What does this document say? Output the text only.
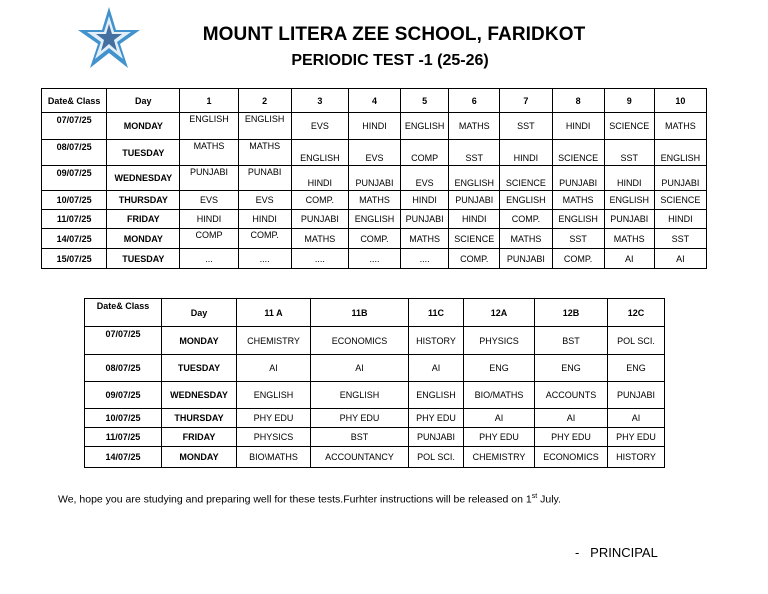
MOUNT LITERA ZEE SCHOOL, FARIDKOT
PERIODIC TEST -1 (25-26)
Date& Class	Day	1	2	3	4	5	6	7	8	9	10
07/07/25	MONDAY	ENGLISH	ENGLISH	EVS	HINDI	ENGLISH	MATHS	SST	HINDI	SCIENCE	MATHS
08/07/25	TUESDAY	MATHS	MATHS	ENGLISH	EVS	COMP	SST	HINDI	SCIENCE	SST	ENGLISH
09/07/25	WEDNESDAY	PUNJABI	PUNABI	HINDI	PUNJABI	EVS	ENGLISH	SCIENCE	PUNJABI	HINDI	PUNJABI
10/07/25	THURSDAY	EVS	EVS	COMP.	MATHS	HINDI	PUNJABI	ENGLISH	MATHS	ENGLISH	SCIENCE
11/07/25	FRIDAY	HINDI	HINDI	PUNJABI	ENGLISH	PUNJABI	HINDI	COMP.	ENGLISH	PUNJABI	HINDI
14/07/25	MONDAY	COMP	COMP.	MATHS	COMP.	MATHS	SCIENCE	MATHS	SST	MATHS	SST
15/07/25	TUESDAY	...	....	....	....	....	COMP.	PUNJABI	COMP.	AI	AI
Date& Class	Day	11 A	11B	11C	12A	12B	12C
07/07/25	MONDAY	CHEMISTRY	ECONOMICS	HISTORY	PHYSICS	BST	POL SCI.
08/07/25	TUESDAY	AI	AI	AI	ENG	ENG	ENG
09/07/25	WEDNESDAY	ENGLISH	ENGLISH	ENGLISH	BIO/MATHS	ACCOUNTS	PUNJABI
10/07/25	THURSDAY	PHY EDU	PHY EDU	PHY EDU	AI	AI	AI
11/07/25	FRIDAY	PHYSICS	BST	PUNJABI	PHY EDU	PHY EDU	PHY EDU
14/07/25	MONDAY	BIO\MATHS	ACCOUNTANCY	POL SCI.	CHEMISTRY	ECONOMICS	HISTORY
We, hope you are studying and preparing well for these tests.Furhter instructions will be released on 1st July.
-   PRINCIPAL
